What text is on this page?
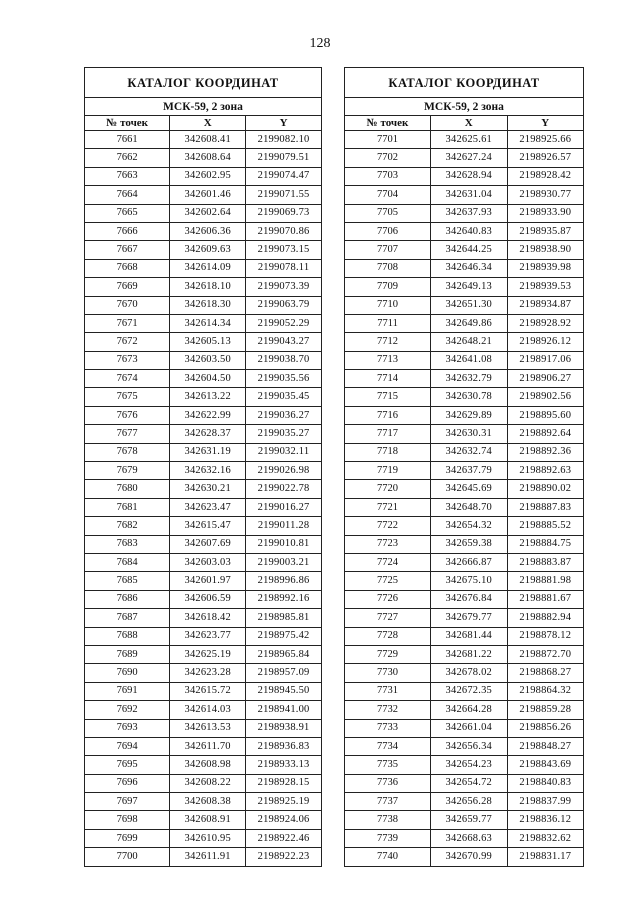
128
КАТАЛОГ КООРДИНАТ		
МСК-59, 2 зона		
№ точек	X	Y
7661	342608.41	2199082.10
7662	342608.64	2199079.51
7663	342602.95	2199074.47
7664	342601.46	2199071.55
7665	342602.64	2199069.73
7666	342606.36	2199070.86
7667	342609.63	2199073.15
7668	342614.09	2199078.11
7669	342618.10	2199073.39
7670	342618.30	2199063.79
7671	342614.34	2199052.29
7672	342605.13	2199043.27
7673	342603.50	2199038.70
7674	342604.50	2199035.56
7675	342613.22	2199035.45
7676	342622.99	2199036.27
7677	342628.37	2199035.27
7678	342631.19	2199032.11
7679	342632.16	2199026.98
7680	342630.21	2199022.78
7681	342623.47	2199016.27
7682	342615.47	2199011.28
7683	342607.69	2199010.81
7684	342603.03	2199003.21
7685	342601.97	2198996.86
7686	342606.59	2198992.16
7687	342618.42	2198985.81
7688	342623.77	2198975.42
7689	342625.19	2198965.84
7690	342623.28	2198957.09
7691	342615.72	2198945.50
7692	342614.03	2198941.00
7693	342613.53	2198938.91
7694	342611.70	2198936.83
7695	342608.98	2198933.13
7696	342608.22	2198928.15
7697	342608.38	2198925.19
7698	342608.91	2198924.06
7699	342610.95	2198922.46
7700	342611.91	2198922.23
КАТАЛОГ КООРДИНАТ		
МСК-59, 2 зона		
№ точек	X	Y
7701	342625.61	2198925.66
7702	342627.24	2198926.57
7703	342628.94	2198928.42
7704	342631.04	2198930.77
7705	342637.93	2198933.90
7706	342640.83	2198935.87
7707	342644.25	2198938.90
7708	342646.34	2198939.98
7709	342649.13	2198939.53
7710	342651.30	2198934.87
7711	342649.86	2198928.92
7712	342648.21	2198926.12
7713	342641.08	2198917.06
7714	342632.79	2198906.27
7715	342630.78	2198902.56
7716	342629.89	2198895.60
7717	342630.31	2198892.64
7718	342632.74	2198892.36
7719	342637.79	2198892.63
7720	342645.69	2198890.02
7721	342648.70	2198887.83
7722	342654.32	2198885.52
7723	342659.38	2198884.75
7724	342666.87	2198883.87
7725	342675.10	2198881.98
7726	342676.84	2198881.67
7727	342679.77	2198882.94
7728	342681.44	2198878.12
7729	342681.22	2198872.70
7730	342678.02	2198868.27
7731	342672.35	2198864.32
7732	342664.28	2198859.28
7733	342661.04	2198856.26
7734	342656.34	2198848.27
7735	342654.23	2198843.69
7736	342654.72	2198840.83
7737	342656.28	2198837.99
7738	342659.77	2198836.12
7739	342668.63	2198832.62
7740	342670.99	2198831.17
